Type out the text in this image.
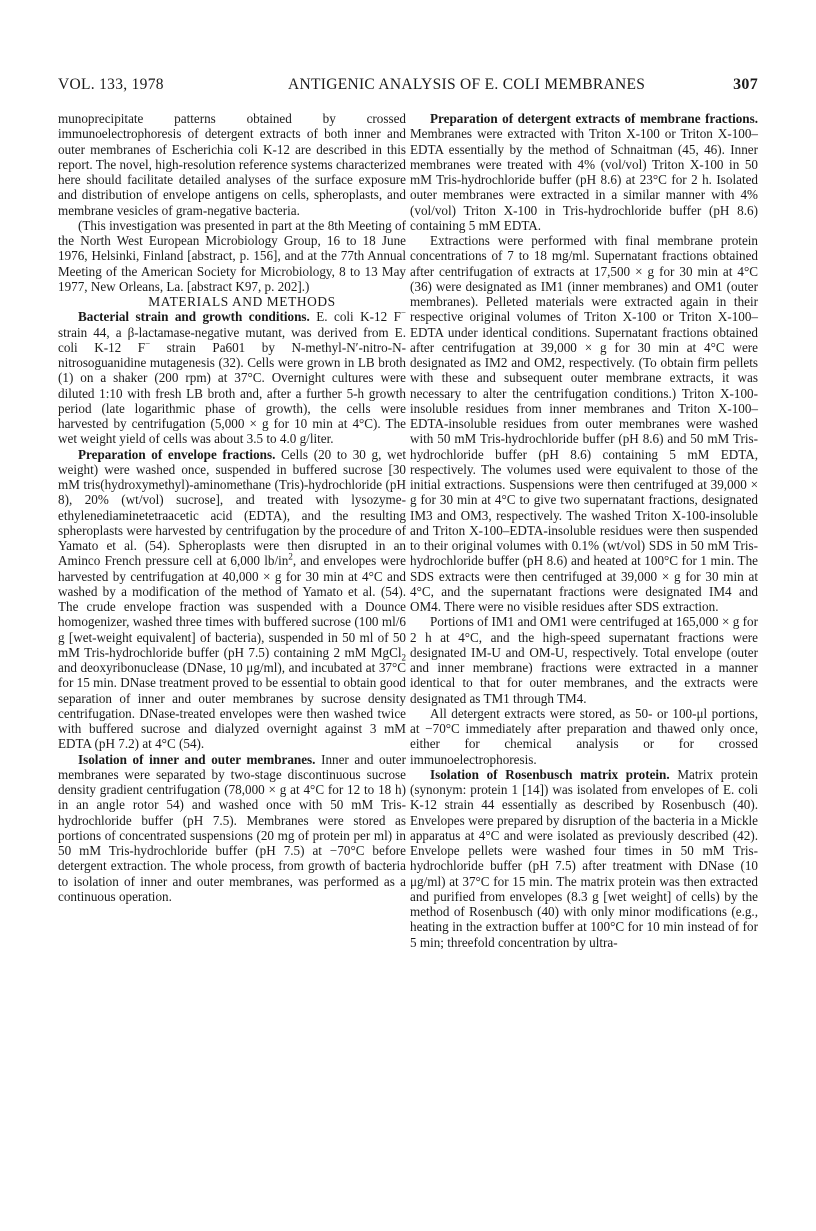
VOL. 133, 1978	ANTIGENIC ANALYSIS OF E. COLI MEMBRANES	307

munoprecipitate patterns obtained by crossed immunoelectrophoresis of detergent extracts of both inner and outer membranes of Escherichia coli K-12 are described in this report. The novel, high-resolution reference systems characterized here should facilitate detailed analyses of the surface exposure and distribution of envelope antigens on cells, spheroplasts, and membrane vesicles of gram-negative bacteria.

(This investigation was presented in part at the 8th Meeting of the North West European Microbiology Group, 16 to 18 June 1976, Helsinki, Finland [abstract, p. 156], and at the 77th Annual Meeting of the American Society for Microbiology, 8 to 13 May 1977, New Orleans, La. [abstract K97, p. 202].)

MATERIALS AND METHODS

Bacterial strain and growth conditions. E. coli K-12 F− strain 44, a β-lactamase-negative mutant, was derived from E. coli K-12 F− strain Pa601 by N-methyl-N′-nitro-N-nitrosoguanidine mutagenesis (32). Cells were grown in LB broth (1) on a shaker (200 rpm) at 37°C. Overnight cultures were diluted 1:10 with fresh LB broth and, after a further 5-h growth period (late logarithmic phase of growth), the cells were harvested by centrifugation (5,000 × g for 10 min at 4°C). The wet weight yield of cells was about 3.5 to 4.0 g/liter.

Preparation of envelope fractions. Cells (20 to 30 g, wet weight) were washed once, suspended in buffered sucrose [30 mM tris(hydroxymethyl)-aminomethane (Tris)-hydrochloride (pH 8), 20% (wt/vol) sucrose], and treated with lysozyme-ethylenediaminetetraacetic acid (EDTA), and the resulting spheroplasts were harvested by centrifugation by the procedure of Yamato et al. (54). Spheroplasts were then disrupted in an Aminco French pressure cell at 6,000 $lb/in^2$, and envelopes were harvested by centrifugation at 40,000 × g for 30 min at 4°C and washed by a modification of the method of Yamato et al. (54). The crude envelope fraction was suspended with a Dounce homogenizer, washed three times with buffered sucrose (100 ml/6 g [wet-weight equivalent] of bacteria), suspended in 50 ml of 50 mM Tris-hydrochloride buffer (pH 7.5) containing 2 mM MgCl$_2$ and deoxyribonuclease (DNase, 10 μg/ml), and incubated at 37°C for 15 min. DNase treatment proved to be essential to obtain good separation of inner and outer membranes by sucrose density centrifugation. DNase-treated envelopes were then washed twice with buffered sucrose and dialyzed overnight against 3 mM EDTA (pH 7.2) at 4°C (54).

Isolation of inner and outer membranes. Inner and outer membranes were separated by two-stage discontinuous sucrose density gradient centrifugation (78,000 × g at 4°C for 12 to 18 h) in an angle rotor 54) and washed once with 50 mM Tris-hydrochloride buffer (pH 7.5). Membranes were stored as portions of concentrated suspensions (20 mg of protein per ml) in 50 mM Tris-hydrochloride buffer (pH 7.5) at −70°C before detergent extraction. The whole process, from growth of bacteria to isolation of inner and outer membranes, was performed as a continuous operation.

Preparation of detergent extracts of membrane fractions. Membranes were extracted with Triton X-100 or Triton X-100–EDTA essentially by the method of Schnaitman (45, 46). Inner membranes were treated with 4% (vol/vol) Triton X-100 in 50 mM Tris-hydrochloride buffer (pH 8.6) at 23°C for 2 h. Isolated outer membranes were extracted in a similar manner with 4% (vol/vol) Triton X-100 in Tris-hydrochloride buffer (pH 8.6) containing 5 mM EDTA.

Extractions were performed with final membrane protein concentrations of 7 to 18 mg/ml. Supernatant fractions obtained after centrifugation of extracts at 17,500 × g for 30 min at 4°C (36) were designated as IM1 (inner membranes) and OM1 (outer membranes). Pelleted materials were extracted again in their respective original volumes of Triton X-100 or Triton X-100–EDTA under identical conditions. Supernatant fractions obtained after centrifugation at 39,000 × g for 30 min at 4°C were designated as IM2 and OM2, respectively. (To obtain firm pellets with these and subsequent outer membrane extracts, it was necessary to alter the centrifugation conditions.) Triton X-100-insoluble residues from inner membranes and Triton X-100–EDTA-insoluble residues from outer membranes were washed with 50 mM Tris-hydrochloride buffer (pH 8.6) and 50 mM Tris-hydrochloride buffer (pH 8.6) containing 5 mM EDTA, respectively. The volumes used were equivalent to those of the initial extractions. Suspensions were then centrifuged at 39,000 × g for 30 min at 4°C to give two supernatant fractions, designated IM3 and OM3, respectively. The washed Triton X-100-insoluble and Triton X-100–EDTA-insoluble residues were then suspended to their original volumes with 0.1% (wt/vol) SDS in 50 mM Tris-hydrochloride buffer (pH 8.6) and heated at 100°C for 1 min. The SDS extracts were then centrifuged at 39,000 × g for 30 min at 4°C, and the supernatant fractions were designated IM4 and OM4. There were no visible residues after SDS extraction.

Portions of IM1 and OM1 were centrifuged at 165,000 × g for 2 h at 4°C, and the high-speed supernatant fractions were designated IM-U and OM-U, respectively. Total envelope (outer and inner membrane) fractions were extracted in a manner identical to that for outer membranes, and the extracts were designated as TM1 through TM4.

All detergent extracts were stored, as 50- or 100-μl portions, at −70°C immediately after preparation and thawed only once, either for chemical analysis or for crossed immunoelectrophoresis.

Isolation of Rosenbusch matrix protein. Matrix protein (synonym: protein 1 [14]) was isolated from envelopes of E. coli K-12 strain 44 essentially as described by Rosenbusch (40). Envelopes were prepared by disruption of the bacteria in a Mickle apparatus at 4°C and were isolated as previously described (42). Envelope pellets were washed four times in 50 mM Tris-hydrochloride buffer (pH 7.5) after treatment with DNase (10 μg/ml) at 37°C for 15 min. The matrix protein was then extracted and purified from envelopes (8.3 g [wet weight] of cells) by the method of Rosenbusch (40) with only minor modifications (e.g., heating in the extraction buffer at 100°C for 10 min instead of for 5 min; threefold concentration by ultra-
